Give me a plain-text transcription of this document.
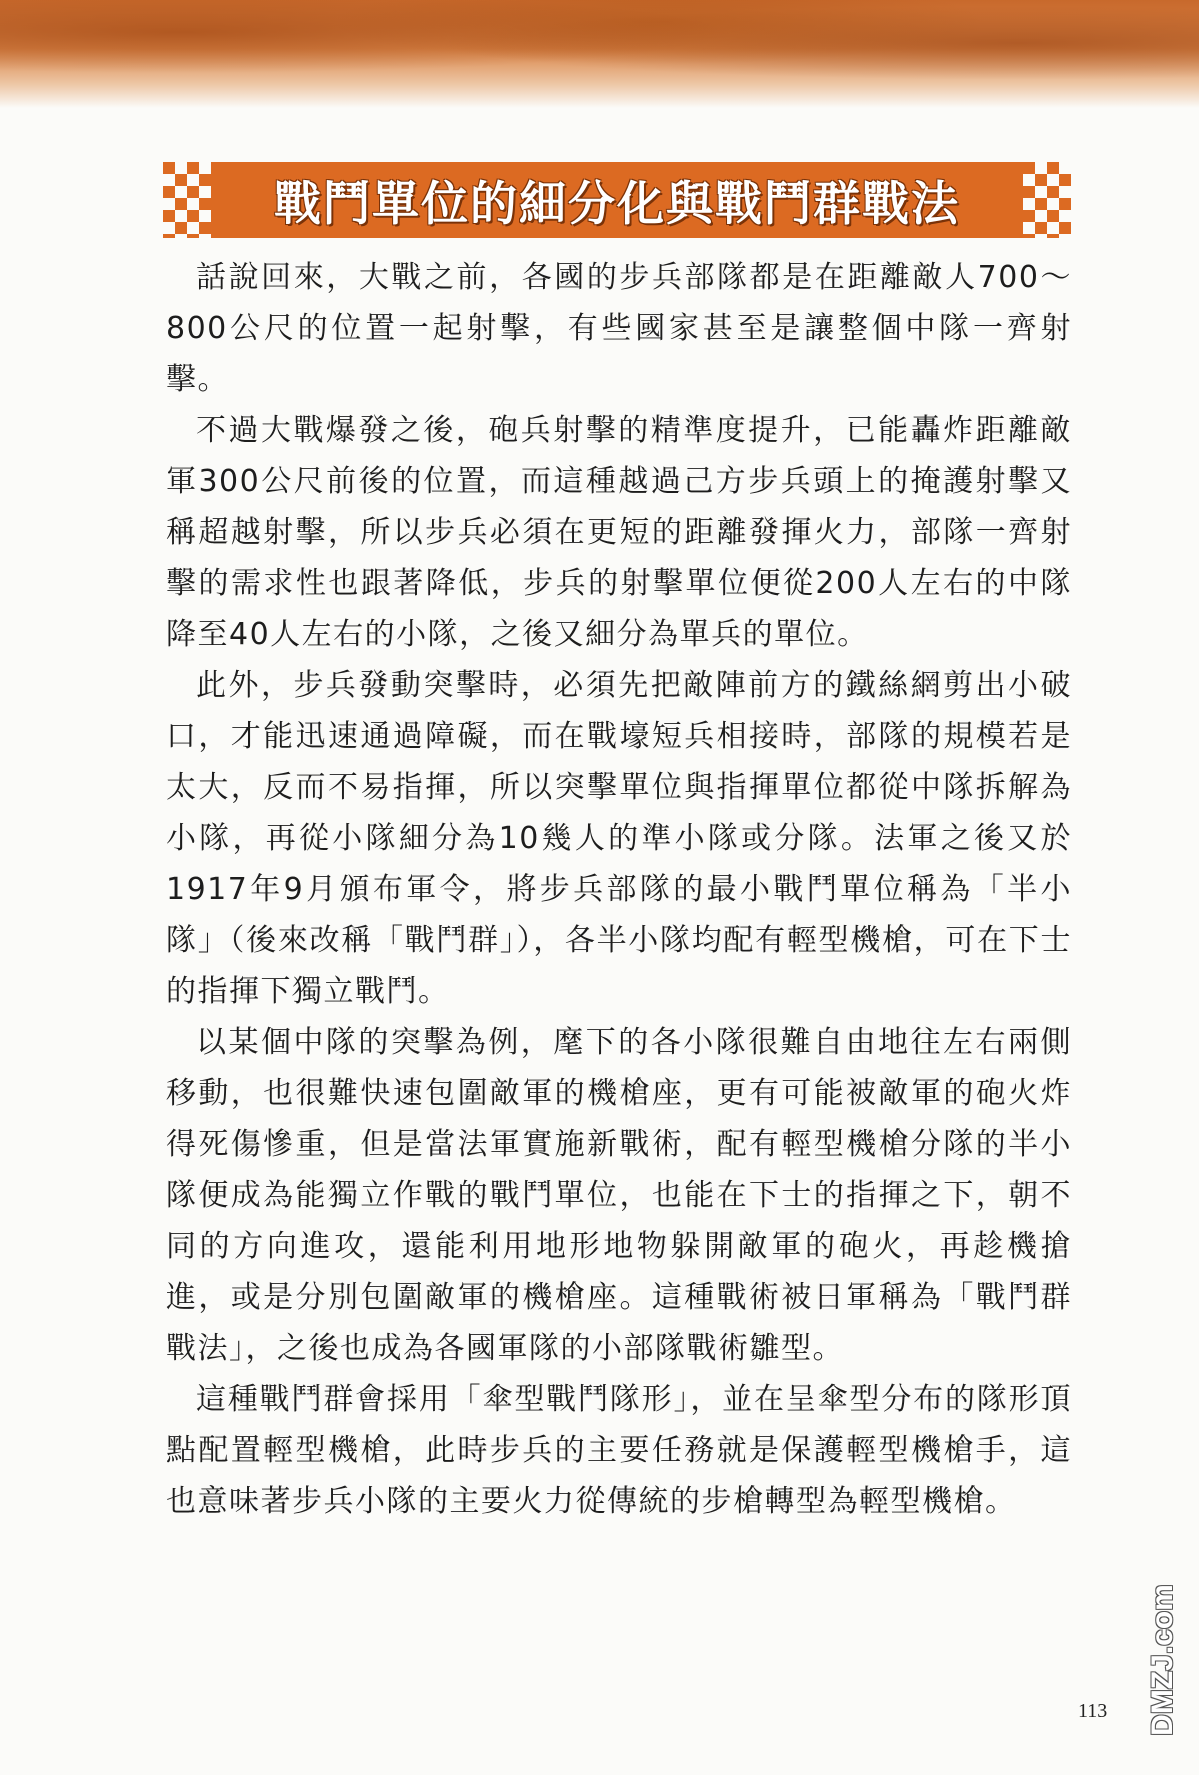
戰鬥單位的細分化與戰鬥群戰法

話說回來，大戰之前，各國的步兵部隊都是在距離敵人700～800公尺的位置一起射擊，有些國家甚至是讓整個中隊一齊射擊。

不過大戰爆發之後，砲兵射擊的精準度提升，已能轟炸距離敵軍300公尺前後的位置，而這種越過己方步兵頭上的掩護射擊又稱超越射擊，所以步兵必須在更短的距離發揮火力，部隊一齊射擊的需求性也跟著降低，步兵的射擊單位便從200人左右的中隊降至40人左右的小隊，之後又細分為單兵的單位。

此外，步兵發動突擊時，必須先把敵陣前方的鐵絲網剪出小破口，才能迅速通過障礙，而在戰壕短兵相接時，部隊的規模若是太大，反而不易指揮，所以突擊單位與指揮單位都從中隊拆解為小隊，再從小隊細分為10幾人的準小隊或分隊。法軍之後又於1917年9月頒布軍令，將步兵部隊的最小戰鬥單位稱為「半小隊」（後來改稱「戰鬥群」），各半小隊均配有輕型機槍，可在下士的指揮下獨立戰鬥。

以某個中隊的突擊為例，麾下的各小隊很難自由地往左右兩側移動，也很難快速包圍敵軍的機槍座，更有可能被敵軍的砲火炸得死傷慘重，但是當法軍實施新戰術，配有輕型機槍分隊的半小隊便成為能獨立作戰的戰鬥單位，也能在下士的指揮之下，朝不同的方向進攻，還能利用地形地物躲開敵軍的砲火，再趁機搶進，或是分別包圍敵軍的機槍座。這種戰術被日軍稱為「戰鬥群戰法」，之後也成為各國軍隊的小部隊戰術雛型。

這種戰鬥群會採用「傘型戰鬥隊形」，並在呈傘型分布的隊形頂點配置輕型機槍，此時步兵的主要任務就是保護輕型機槍手，這也意味著步兵小隊的主要火力從傳統的步槍轉型為輕型機槍。

113 DMZJ.com
